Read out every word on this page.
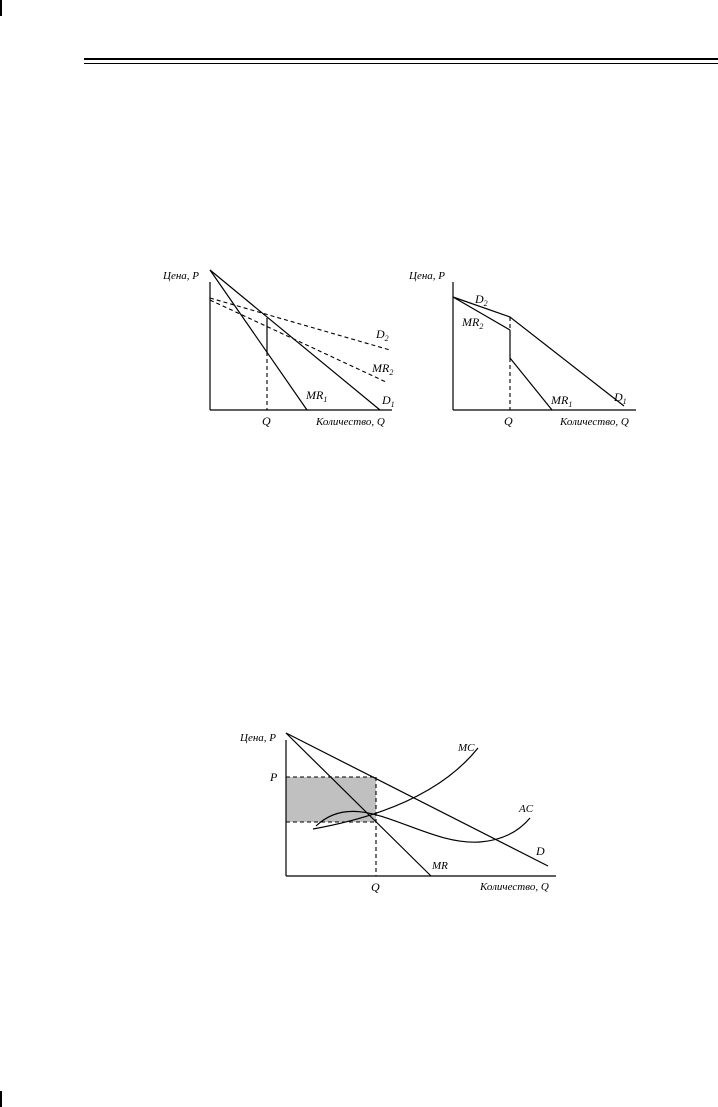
Цена, P
Количество, Q
Q
$D_2$
$MR_2$
$MR_1$	$D_1$
Цена, P
Количество, Q
Q
$D_2$
$MR_2$
$MR_1$
$D_1$
Цена, P
Количество, Q
Q
P
MC
AC
D
MR
